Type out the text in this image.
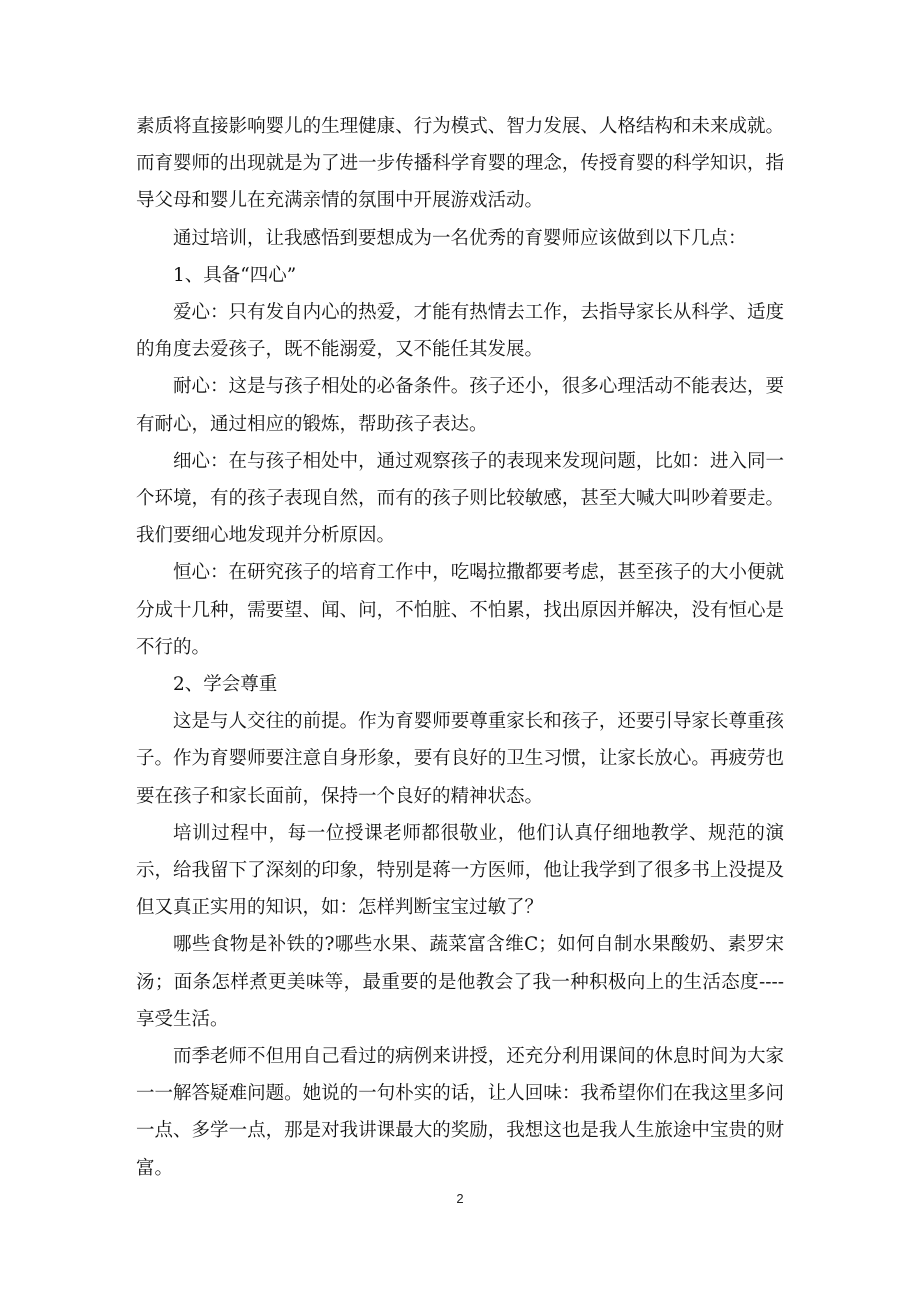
素质将直接影响婴儿的生理健康、行为模式、智力发展、人格结构和未来成就。而育婴师的出现就是为了进一步传播科学育婴的理念，传授育婴的科学知识，指导父母和婴儿在充满亲情的氛围中开展游戏活动。

通过培训，让我感悟到要想成为一名优秀的育婴师应该做到以下几点：

1、具备“四心”

爱心：只有发自内心的热爱，才能有热情去工作，去指导家长从科学、适度的角度去爱孩子，既不能溺爱，又不能任其发展。

耐心：这是与孩子相处的必备条件。孩子还小，很多心理活动不能表达，要有耐心，通过相应的锻炼，帮助孩子表达。

细心：在与孩子相处中，通过观察孩子的表现来发现问题，比如：进入同一个环境，有的孩子表现自然，而有的孩子则比较敏感，甚至大喊大叫吵着要走。我们要细心地发现并分析原因。

恒心：在研究孩子的培育工作中，吃喝拉撒都要考虑，甚至孩子的大小便就分成十几种，需要望、闻、问，不怕脏、不怕累，找出原因并解决，没有恒心是不行的。

2、学会尊重

这是与人交往的前提。作为育婴师要尊重家长和孩子，还要引导家长尊重孩子。作为育婴师要注意自身形象，要有良好的卫生习惯，让家长放心。再疲劳也要在孩子和家长面前，保持一个良好的精神状态。

培训过程中，每一位授课老师都很敬业，他们认真仔细地教学、规范的演示，给我留下了深刻的印象，特别是蒋一方医师，他让我学到了很多书上没提及但又真正实用的知识，如：怎样判断宝宝过敏了？

哪些食物是补铁的?哪些水果、蔬菜富含维C；如何自制水果酸奶、素罗宋汤；面条怎样煮更美味等，最重要的是他教会了我一种积极向上的生活态度----享受生活。

而季老师不但用自己看过的病例来讲授，还充分利用课间的休息时间为大家一一解答疑难问题。她说的一句朴实的话，让人回味：我希望你们在我这里多问一点、多学一点，那是对我讲课最大的奖励，我想这也是我人生旅途中宝贵的财富。

2
